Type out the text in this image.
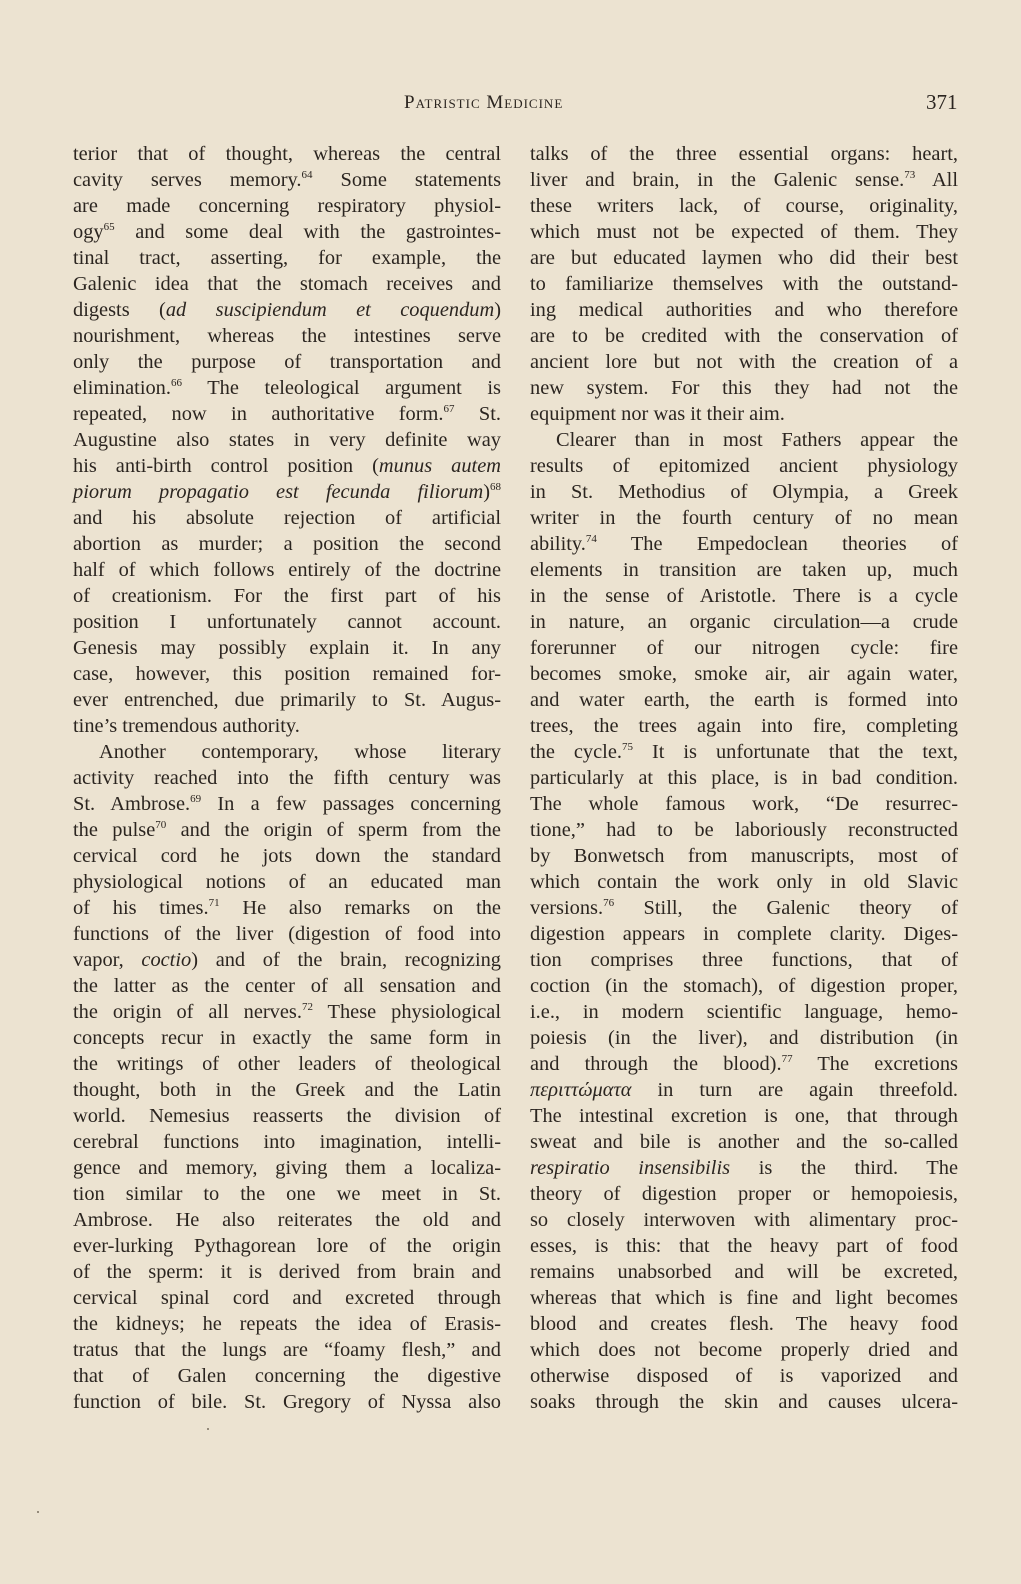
Patristic Medicine	371
terior that of thought, whereas the central
cavity serves memory.$^{64}$ Some statements
are made concerning respiratory physiol-
ogy$^{65}$ and some deal with the gastrointes-
tinal tract, asserting, for example, the
Galenic idea that the stomach receives and
digests (ad suscipiendum et coquendum)
nourishment, whereas the intestines serve
only the purpose of transportation and
elimination.$^{66}$ The teleological argument is
repeated, now in authoritative form.$^{67}$ St.
Augustine also states in very definite way
his anti-birth control position (munus autem
piorum propagatio est fecunda filiorum)$^{68}$
and his absolute rejection of artificial
abortion as murder; a position the second
half of which follows entirely of the doctrine
of creationism. For the first part of his
position I unfortunately cannot account.
Genesis may possibly explain it. In any
case, however, this position remained for-
ever entrenched, due primarily to St. Augus-
tine’s tremendous authority.
Another contemporary, whose literary
activity reached into the fifth century was
St. Ambrose.$^{69}$ In a few passages concerning
the pulse$^{70}$ and the origin of sperm from the
cervical cord he jots down the standard
physiological notions of an educated man
of his times.$^{71}$ He also remarks on the
functions of the liver (digestion of food into
vapor, coctio) and of the brain, recognizing
the latter as the center of all sensation and
the origin of all nerves.$^{72}$ These physiological
concepts recur in exactly the same form in
the writings of other leaders of theological
thought, both in the Greek and the Latin
world. Nemesius reasserts the division of
cerebral functions into imagination, intelli-
gence and memory, giving them a localiza-
tion similar to the one we meet in St.
Ambrose. He also reiterates the old and
ever-lurking Pythagorean lore of the origin
of the sperm: it is derived from brain and
cervical spinal cord and excreted through
the kidneys; he repeats the idea of Erasis-
tratus that the lungs are “foamy flesh,” and
that of Galen concerning the digestive
function of bile. St. Gregory of Nyssa also
talks of the three essential organs: heart,
liver and brain, in the Galenic sense.$^{73}$ All
these writers lack, of course, originality,
which must not be expected of them. They
are but educated laymen who did their best
to familiarize themselves with the outstand-
ing medical authorities and who therefore
are to be credited with the conservation of
ancient lore but not with the creation of a
new system. For this they had not the
equipment nor was it their aim.
Clearer than in most Fathers appear the
results of epitomized ancient physiology
in St. Methodius of Olympia, a Greek
writer in the fourth century of no mean
ability.$^{74}$ The Empedoclean theories of
elements in transition are taken up, much
in the sense of Aristotle. There is a cycle
in nature, an organic circulation—a crude
forerunner of our nitrogen cycle: fire
becomes smoke, smoke air, air again water,
and water earth, the earth is formed into
trees, the trees again into fire, completing
the cycle.$^{75}$ It is unfortunate that the text,
particularly at this place, is in bad condition.
The whole famous work, “De resurrec-
tione,” had to be laboriously reconstructed
by Bonwetsch from manuscripts, most of
which contain the work only in old Slavic
versions.$^{76}$ Still, the Galenic theory of
digestion appears in complete clarity. Diges-
tion comprises three functions, that of
coction (in the stomach), of digestion proper,
i.e., in modern scientific language, hemo-
poiesis (in the liver), and distribution (in
and through the blood).$^{77}$ The excretions
περιττώματα in turn are again threefold.
The intestinal excretion is one, that through
sweat and bile is another and the so-called
respiratio insensibilis is the third. The
theory of digestion proper or hemopoiesis,
so closely interwoven with alimentary proc-
esses, is this: that the heavy part of food
remains unabsorbed and will be excreted,
whereas that which is fine and light becomes
blood and creates flesh. The heavy food
which does not become properly dried and
otherwise disposed of is vaporized and
soaks through the skin and causes ulcera-
